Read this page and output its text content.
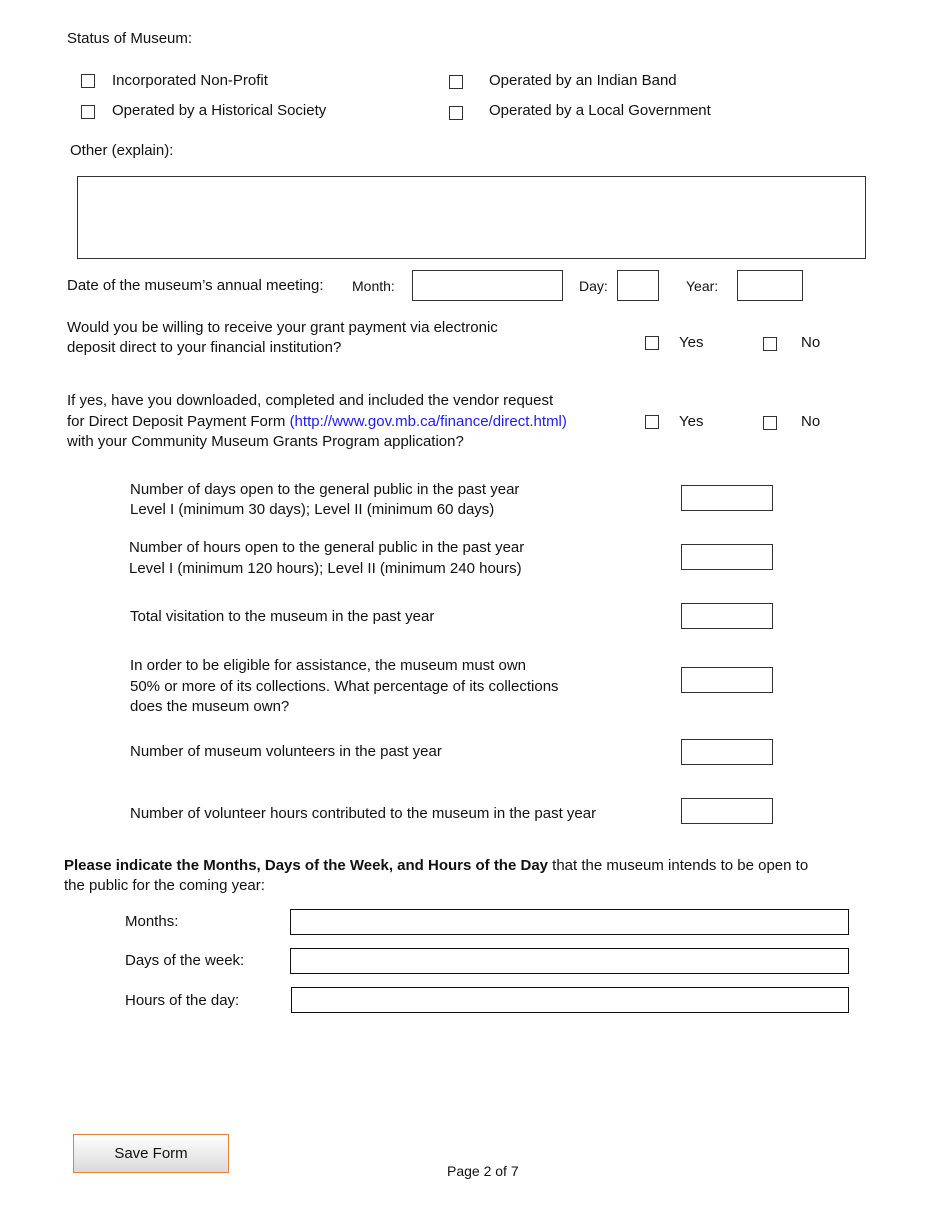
Status of Museum:
Incorporated Non-Profit	Operated by an Indian Band
Operated by a Historical Society	Operated by a Local Government
Other (explain):
Date of the museum’s annual meeting: Month:	Day:	Year:
Would you be willing to receive your grant payment via electronic
deposit direct to your financial institution?	Yes	No
If yes, have you downloaded, completed and included the vendor request
for Direct Deposit Payment Form (http://www.gov.mb.ca/finance/direct.html)
with your Community Museum Grants Program application?
Yes	No
Number of days open to the general public in the past year
Level I (minimum 30 days); Level II (minimum 60 days)
Number of hours open to the general public in the past year
Level I (minimum 120 hours); Level II (minimum 240 hours)
Total visitation to the museum in the past year
In order to be eligible for assistance, the museum must own
50% or more of its collections. What percentage of its collections
does the museum own?
Number of museum volunteers in the past year
Number of volunteer hours contributed to the museum in the past year
Please indicate the Months, Days of the Week, and Hours of the Day that the museum intends to be open to
the public for the coming year:
Months:
Days of the week:
Hours of the day:
Save Form
Page 2 of 7
